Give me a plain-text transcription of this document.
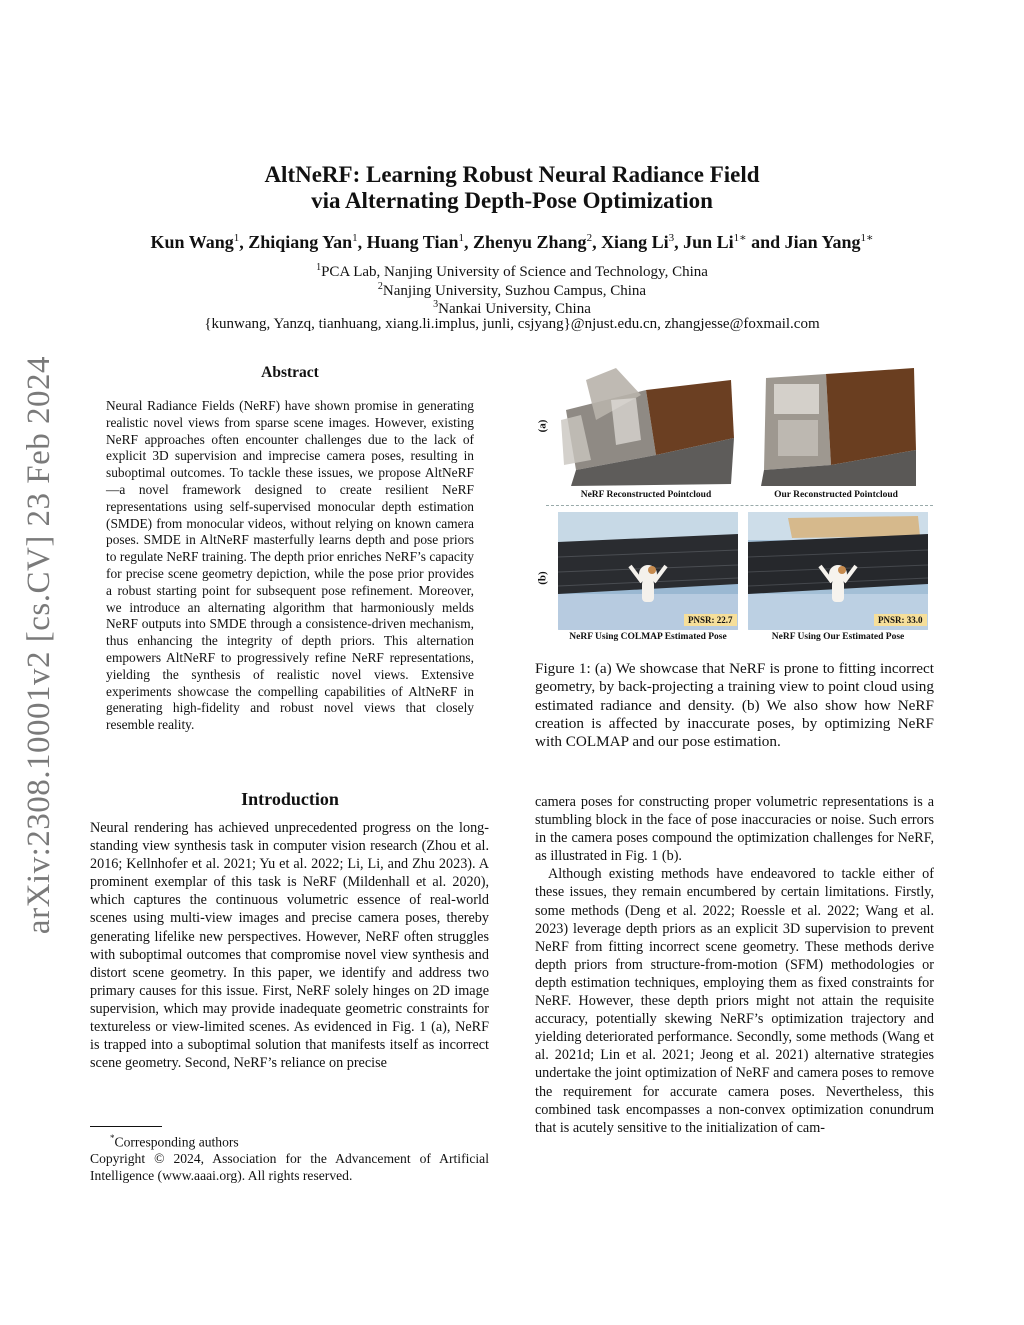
arXiv:2308.10001v2 [cs.CV] 23 Feb 2024
AltNeRF: Learning Robust Neural Radiance Field
via Alternating Depth-Pose Optimization
Kun Wang$^1$, Zhiqiang Yan$^1$, Huang Tian$^1$, Zhenyu Zhang$^2$, Xiang Li$^3$, Jun $Li^{1∗}$ and Jian Yang$^{1∗}$
$^1$PCA Lab, Nanjing University of Science and Technology, China
$^2$Nanjing University, Suzhou Campus, China
$^3$Nankai University, China
{kunwang, Yanzq, tianhuang, xiang.li.implus, junli, csjyang}@njust.edu.cn, zhangjesse@foxmail.com
Abstract
Neural Radiance Fields (NeRF) have shown promise in generating realistic novel views from sparse scene images. However, existing NeRF approaches often encounter challenges due to the lack of explicit 3D supervision and imprecise camera poses, resulting in suboptimal outcomes. To tackle these issues, we propose AltNeRF—a novel framework designed to create resilient NeRF representations using self-supervised monocular depth estimation (SMDE) from monocular videos, without relying on known camera poses. SMDE in AltNeRF masterfully learns depth and pose priors to regulate NeRF training. The depth prior enriches NeRF’s capacity for precise scene geometry depiction, while the pose prior provides a robust starting point for subsequent pose refinement. Moreover, we introduce an alternating algorithm that harmoniously melds NeRF outputs into SMDE through a consistence-driven mechanism, thus enhancing the integrity of depth priors. This alternation empowers AltNeRF to progressively refine NeRF representations, yielding the synthesis of realistic novel views. Extensive experiments showcase the compelling capabilities of AltNeRF in generating high-fidelity and robust novel views that closely resemble reality.
(a)
(b)
NeRF Reconstructed Pointcloud	Our Reconstructed Pointcloud
PNSR: 22.7	PNSR: 33.0
NeRF Using COLMAP Estimated Pose	NeRF Using Our Estimated Pose
Figure 1: (a) We showcase that NeRF is prone to fitting incorrect geometry, by back-projecting a training view to point cloud using estimated radiance and density. (b) We also show how NeRF creation is affected by inaccurate poses, by optimizing NeRF with COLMAP and our pose estimation.
Introduction

Neural rendering has achieved unprecedented progress on the long-standing view synthesis task in computer vision research (Zhou et al. 2016; Kellnhofer et al. 2021; Yu et al. 2022; Li, Li, and Zhu 2023). A prominent exemplar of this task is NeRF (Mildenhall et al. 2020), which captures the continuous volumetric essence of real-world scenes using multi-view images and precise camera poses, thereby generating lifelike new perspectives. However, NeRF often struggles with suboptimal outcomes that compromise novel view synthesis and distort scene geometry. In this paper, we identify and address two primary causes for this issue. First, NeRF solely hinges on 2D image supervision, which may provide inadequate geometric constraints for textureless or view-limited scenes. As evidenced in Fig. 1 (a), NeRF is trapped into a suboptimal solution that manifests itself as incorrect scene geometry. Second, NeRF’s reliance on precise

camera poses for constructing proper volumetric representations is a stumbling block in the face of pose inaccuracies or noise. Such errors in the camera poses compound the optimization challenges for NeRF, as illustrated in Fig. 1 (b).

Although existing methods have endeavored to tackle either of these issues, they remain encumbered by certain limitations. Firstly, some methods (Deng et al. 2022; Roessle et al. 2022; Wang et al. 2023) leverage depth priors as an explicit 3D supervision to prevent NeRF from fitting incorrect scene geometry. These methods derive depth priors from structure-from-motion (SFM) methodologies or depth estimation techniques, employing them as fixed constraints for NeRF. However, these depth priors might not attain the requisite accuracy, potentially skewing NeRF’s optimization trajectory and yielding deteriorated performance. Secondly, some methods (Wang et al. 2021d; Lin et al. 2021; Jeong et al. 2021) alternative strategies undertake the joint optimization of NeRF and camera poses to remove the requirement for accurate camera poses. Nevertheless, this combined task encompasses a non-convex optimization conundrum that is acutely sensitive to the initialization of cam-

*Corresponding authors
Copyright © 2024, Association for the Advancement of Artificial Intelligence (www.aaai.org). All rights reserved.
